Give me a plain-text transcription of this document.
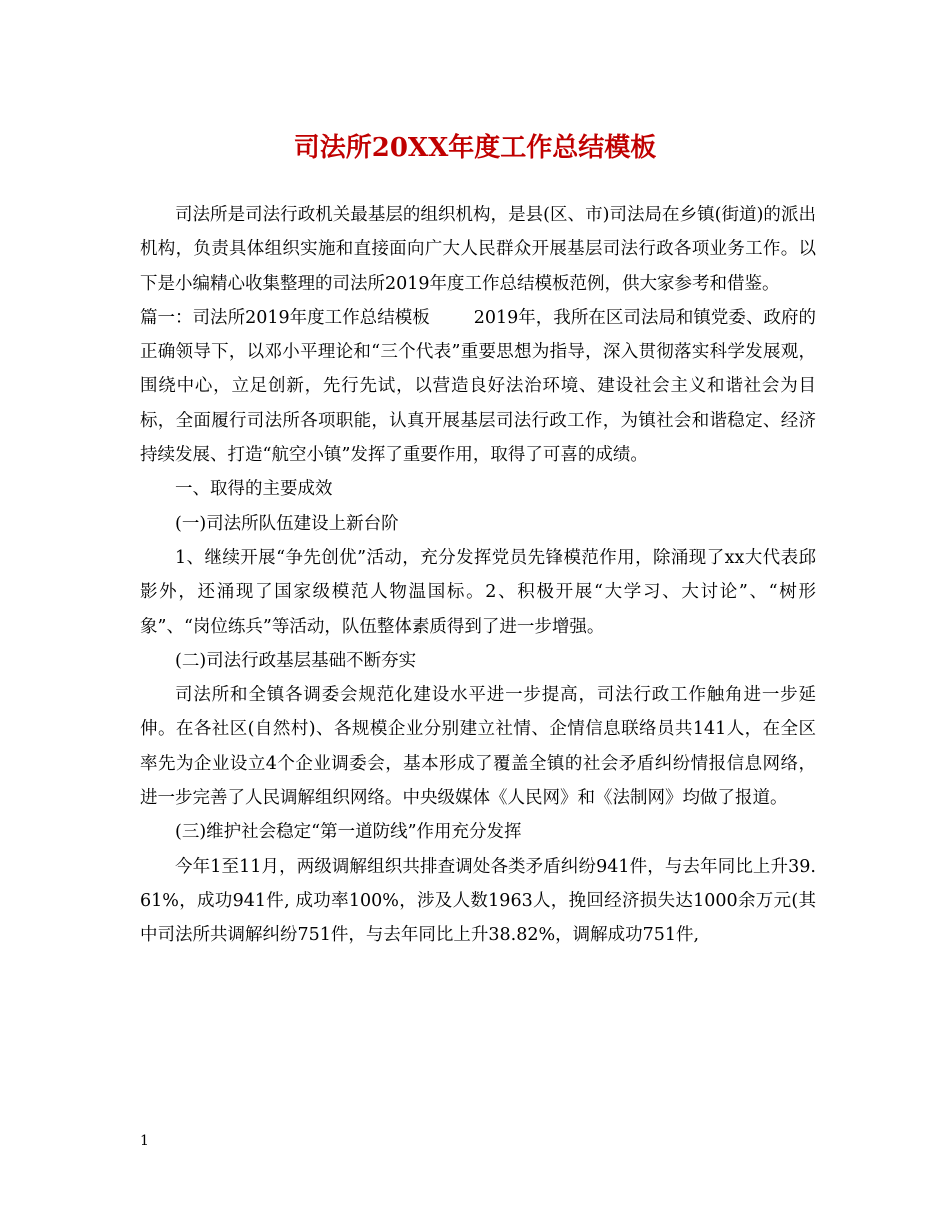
司法所20XX年度工作总结模板

司法所是司法行政机关最基层的组织机构，是县(区、市)司法局在乡镇(街道)的派出机构，负责具体组织实施和直接面向广大人民群众开展基层司法行政各项业务工作。以下是小编精心收集整理的司法所2019年度工作总结模板范例，供大家参考和借鉴。

篇一：司法所2019年度工作总结模板	2019年，我所在区司法局和镇党委、政府的正确领导下，以邓小平理论和“三个代表”重要思想为指导，深入贯彻落实科学发展观，围绕中心，立足创新，先行先试，以营造良好法治环境、建设社会主义和谐社会为目标，全面履行司法所各项职能，认真开展基层司法行政工作，为镇社会和谐稳定、经济持续发展、打造“航空小镇”发挥了重要作用，取得了可喜的成绩。

一、取得的主要成效

(一)司法所队伍建设上新台阶

1、继续开展“争先创优”活动，充分发挥党员先锋模范作用，除涌现了xx大代表邱影外，还涌现了国家级模范人物温国标。2、积极开展“大学习、大讨论”、“树形象”、“岗位练兵”等活动，队伍整体素质得到了进一步增强。

(二)司法行政基层基础不断夯实

司法所和全镇各调委会规范化建设水平进一步提高，司法行政工作触角进一步延伸。在各社区(自然村)、各规模企业分别建立社情、企情信息联络员共141人，在全区率先为企业设立4个企业调委会，基本形成了覆盖全镇的社会矛盾纠纷情报信息网络，进一步完善了人民调解组织网络。中央级媒体《人民网》和《法制网》均做了报道。

(三)维护社会稳定“第一道防线”作用充分发挥

今年1至11月，两级调解组织共排查调处各类矛盾纠纷941件，与去年同比上升39.61%，成功941件, 成功率100%，涉及人数1963人，挽回经济损失达1000余万元(其中司法所共调解纠纷751件，与去年同比上升38.82%，调解成功751件,

1
